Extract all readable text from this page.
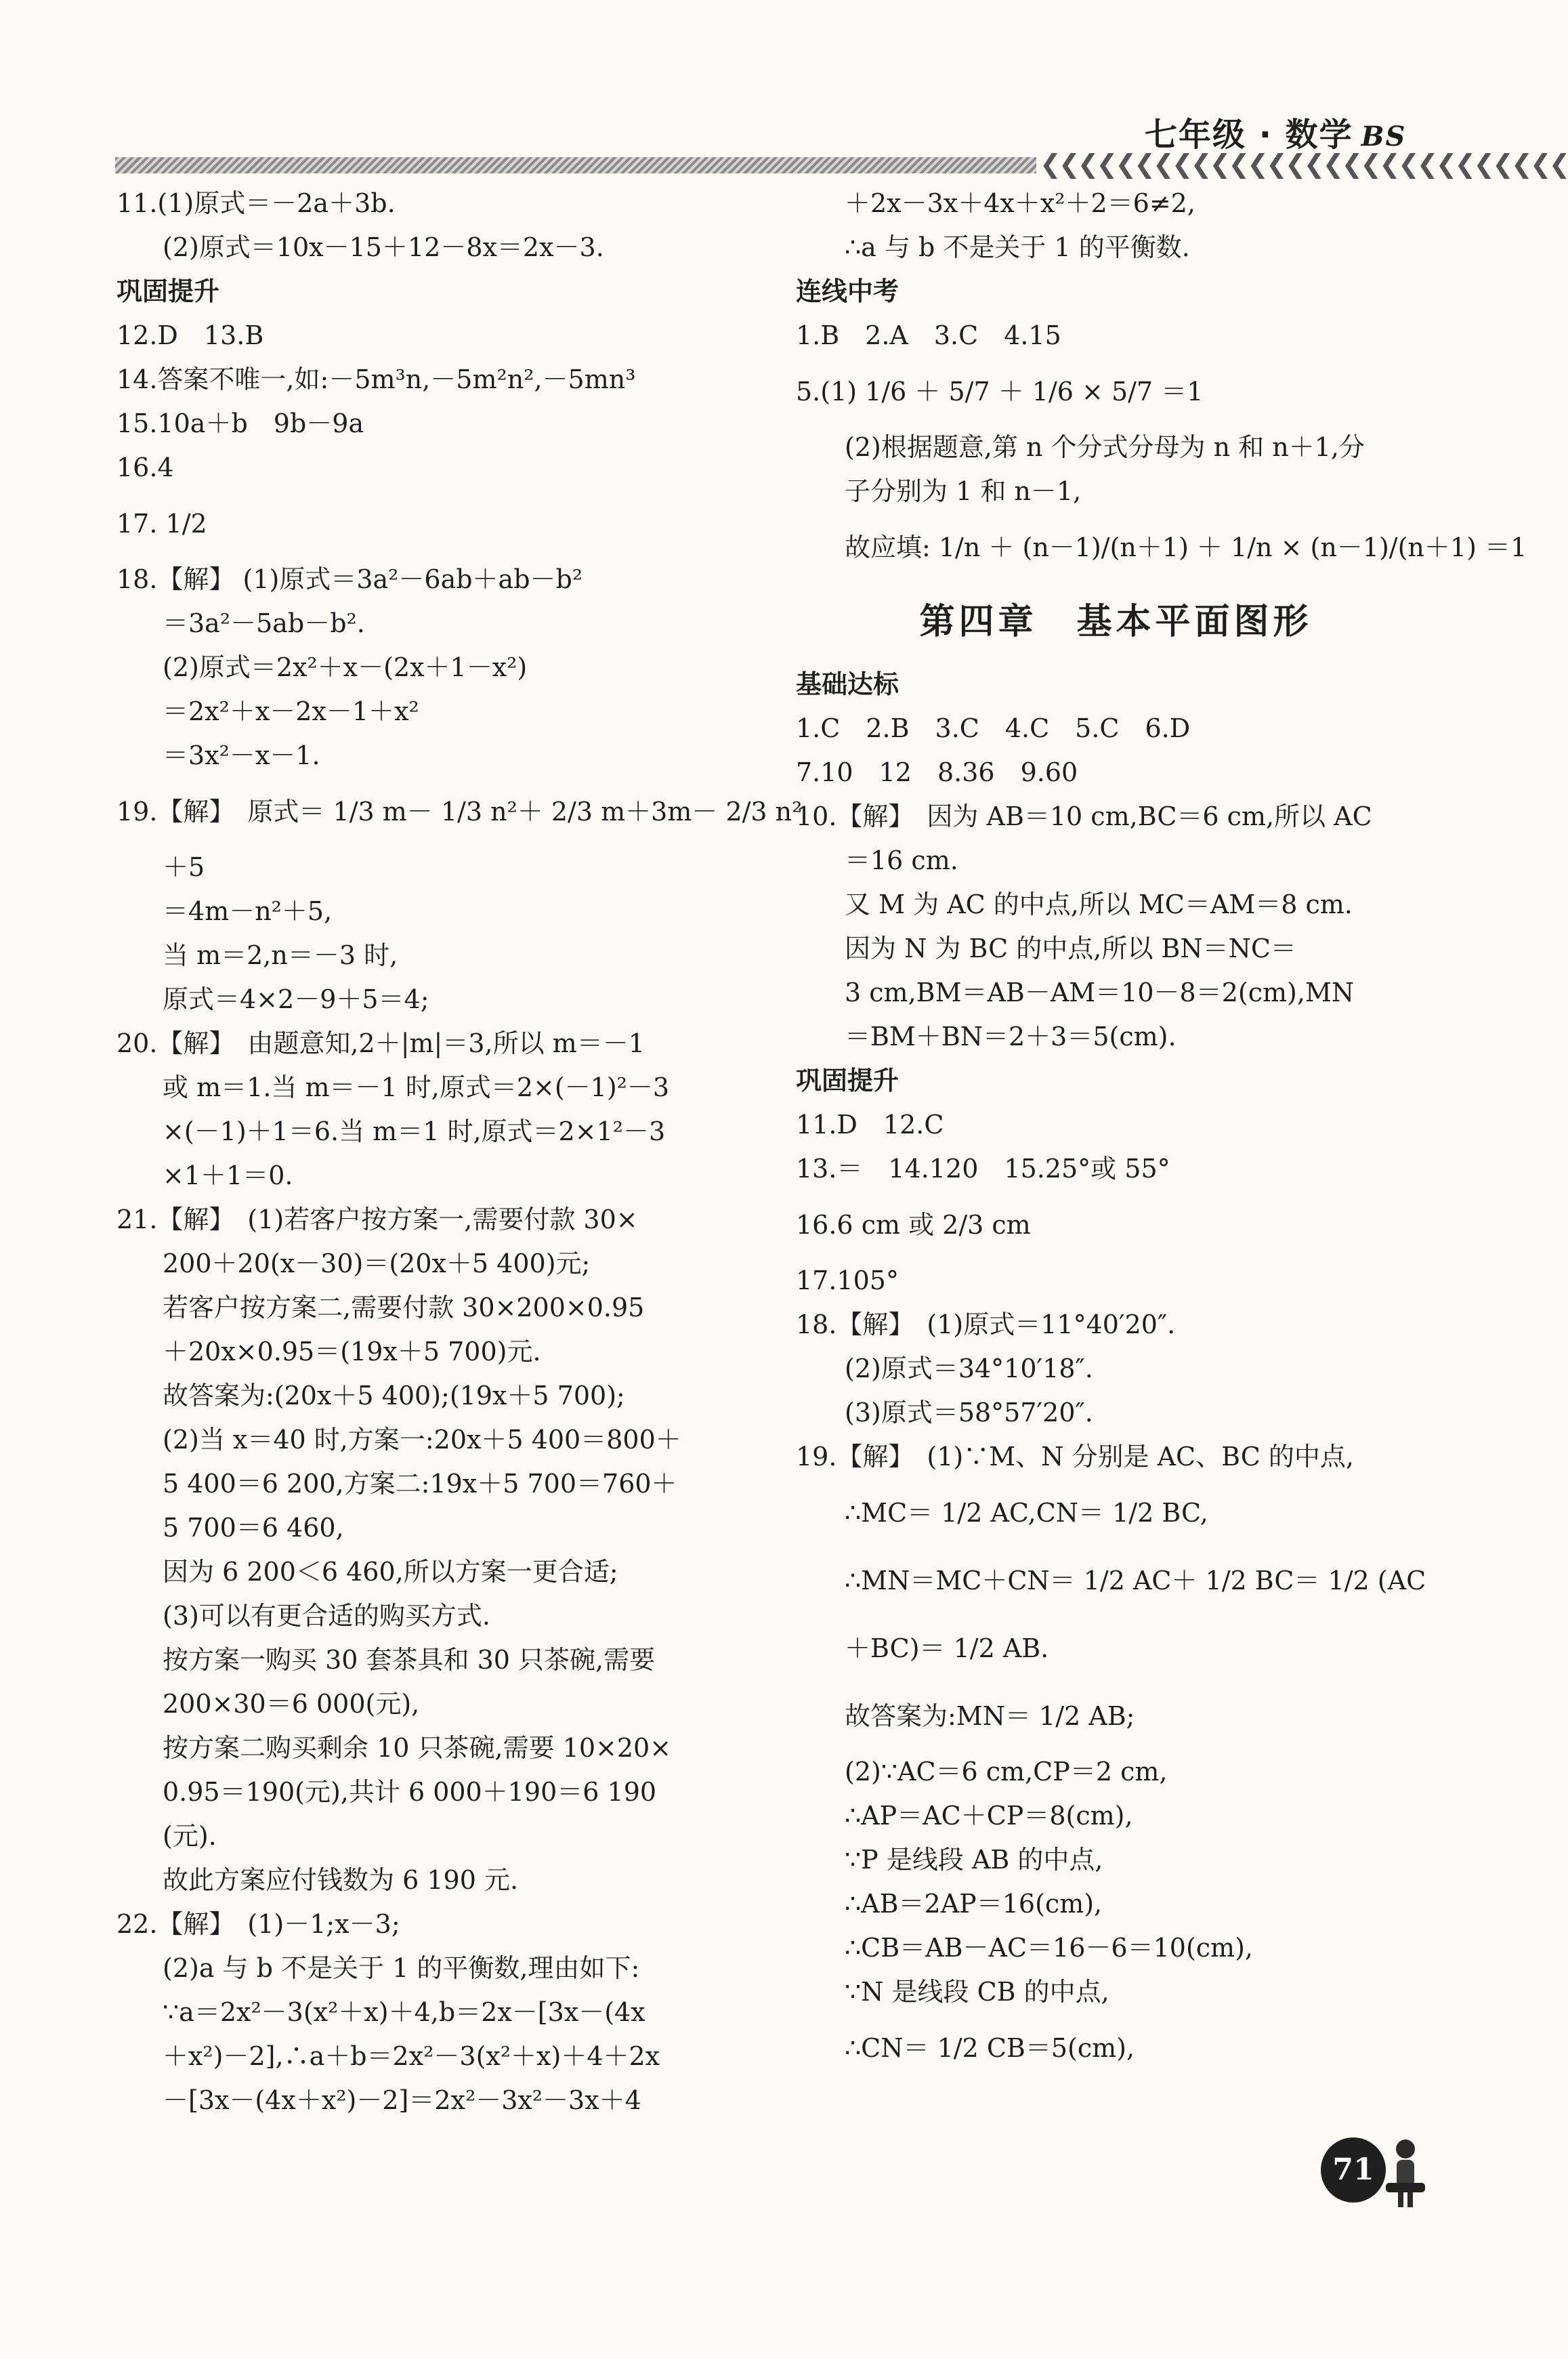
❮❮❮❮❮❮❮❮❮❮❮❮❮❮❮❮❮❮❮❮❮❮❮❮❮❮❮❮
七年级 · 数学 BS
11.(1)原式＝－2a＋3b.
(2)原式＝10x－15＋12－8x＝2x－3.
巩固提升
12.D　13.B
14.答案不唯一,如:－5m³n,－5m²n²,－5mn³
15.10a＋b　9b－9a
16.4
17. 1/2
18.【解】 (1)原式＝3a²－6ab＋ab－b²
＝3a²－5ab－b².
(2)原式＝2x²＋x－(2x＋1－x²)
＝2x²＋x－2x－1＋x²
＝3x²－x－1.
19.【解】　原式＝ 1/3 m－ 1/3 n²＋ 2/3 m＋3m－ 2/3 n²
＋5
＝4m－n²＋5,
当 m＝2,n＝－3 时,
原式＝4×2－9＋5＝4;
20.【解】　由题意知,2＋|m|＝3,所以 m＝－1
或 m＝1.当 m＝－1 时,原式＝2×(－1)²－3
×(－1)＋1＝6.当 m＝1 时,原式＝2×1²－3
×1＋1＝0.
21.【解】　(1)若客户按方案一,需要付款 30×
200＋20(x－30)＝(20x＋5 400)元;
若客户按方案二,需要付款 30×200×0.95
＋20x×0.95＝(19x＋5 700)元.
故答案为:(20x＋5 400);(19x＋5 700);
(2)当 x＝40 时,方案一:20x＋5 400＝800＋
5 400＝6 200,方案二:19x＋5 700＝760＋
5 700＝6 460,
因为 6 200＜6 460,所以方案一更合适;
(3)可以有更合适的购买方式.
按方案一购买 30 套茶具和 30 只茶碗,需要
200×30＝6 000(元),
按方案二购买剩余 10 只茶碗,需要 10×20×
0.95＝190(元),共计 6 000＋190＝6 190
(元).
故此方案应付钱数为 6 190 元.
22.【解】　(1)－1;x－3;
(2)a 与 b 不是关于 1 的平衡数,理由如下:
∵a＝2x²－3(x²＋x)＋4,b＝2x－[3x－(4x
＋x²)－2],∴a＋b＝2x²－3(x²＋x)＋4＋2x
－[3x－(4x＋x²)－2]＝2x²－3x²－3x＋4
＋2x－3x＋4x＋x²＋2＝6≠2,
∴a 与 b 不是关于 1 的平衡数.
连线中考
1.B　2.A　3.C　4.15
5.(1) 1/6 ＋ 5/7 ＋ 1/6 × 5/7 ＝1
(2)根据题意,第 n 个分式分母为 n 和 n＋1,分
子分别为 1 和 n－1,
故应填: 1/n ＋ (n－1)/(n＋1) ＋ 1/n × (n－1)/(n＋1) ＝1
第四章　基本平面图形
基础达标
1.C　2.B　3.C　4.C　5.C　6.D
7.10　12　8.36　9.60
10.【解】　因为 AB＝10 cm,BC＝6 cm,所以 AC
＝16 cm.
又 M 为 AC 的中点,所以 MC＝AM＝8 cm.
因为 N 为 BC 的中点,所以 BN＝NC＝
3 cm,BM＝AB－AM＝10－8＝2(cm),MN
＝BM＋BN＝2＋3＝5(cm).
巩固提升
11.D　12.C
13.＝　14.120　15.25°或 55°
16.6 cm 或 2/3 cm
17.105°
18.【解】　(1)原式＝11°40′20″.
(2)原式＝34°10′18″.
(3)原式＝58°57′20″.
19.【解】　(1)∵M、N 分别是 AC、BC 的中点,
∴MC＝ 1/2 AC,CN＝ 1/2 BC,
∴MN＝MC＋CN＝ 1/2 AC＋ 1/2 BC＝ 1/2 (AC
＋BC)＝ 1/2 AB.
故答案为:MN＝ 1/2 AB;
(2)∵AC＝6 cm,CP＝2 cm,
∴AP＝AC＋CP＝8(cm),
∵P 是线段 AB 的中点,
∴AB＝2AP＝16(cm),
∴CB＝AB－AC＝16－6＝10(cm),
∵N 是线段 CB 的中点,
∴CN＝ 1/2 CB＝5(cm),
71
